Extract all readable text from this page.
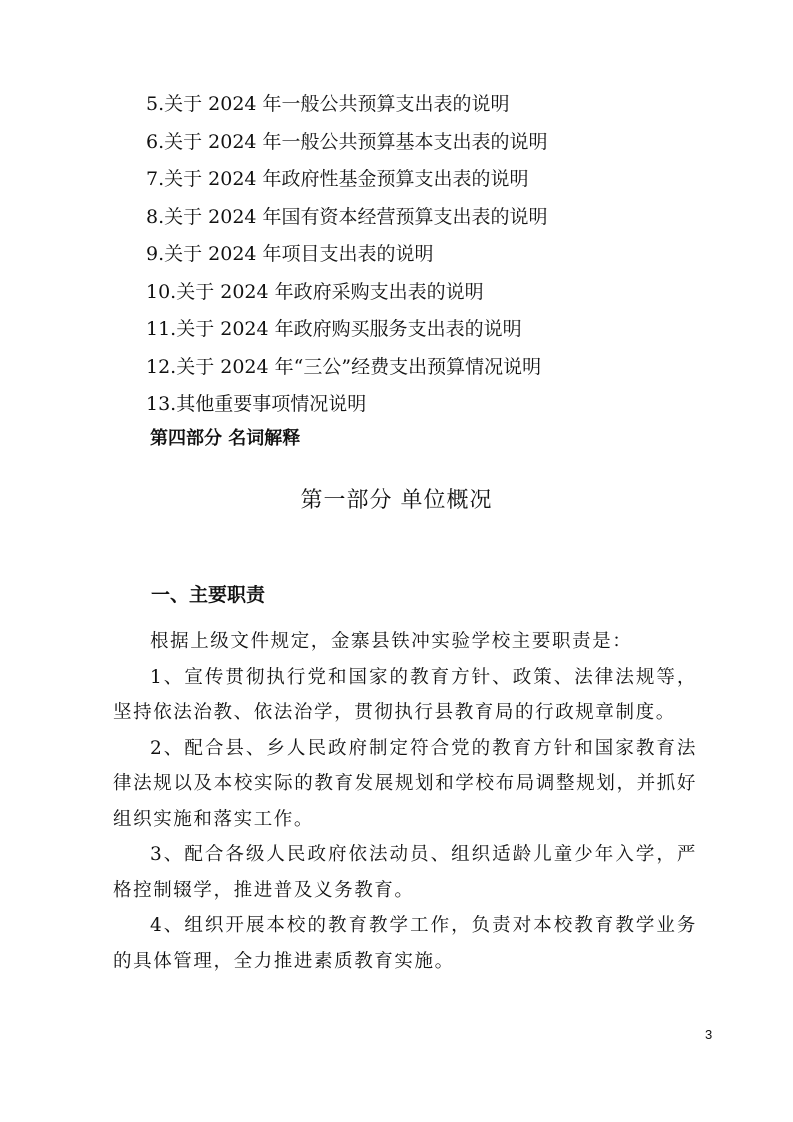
5.关于 2024 年一般公共预算支出表的说明
6.关于 2024 年一般公共预算基本支出表的说明
7.关于 2024 年政府性基金预算支出表的说明
8.关于 2024 年国有资本经营预算支出表的说明
9.关于 2024 年项目支出表的说明
10.关于 2024 年政府采购支出表的说明
11.关于 2024 年政府购买服务支出表的说明
12.关于 2024 年“三公”经费支出预算情况说明
13.其他重要事项情况说明
第四部分 名词解释
第一部分 单位概况
一、主要职责

根据上级文件规定，金寨县铁冲实验学校主要职责是：

1、宣传贯彻执行党和国家的教育方针、政策、法律法规等，坚持依法治教、依法治学，贯彻执行县教育局的行政规章制度。

2、配合县、乡人民政府制定符合党的教育方针和国家教育法律法规以及本校实际的教育发展规划和学校布局调整规划，并抓好组织实施和落实工作。

3、配合各级人民政府依法动员、组织适龄儿童少年入学，严格控制辍学，推进普及义务教育。

4、组织开展本校的教育教学工作，负责对本校教育教学业务的具体管理，全力推进素质教育实施。

3
